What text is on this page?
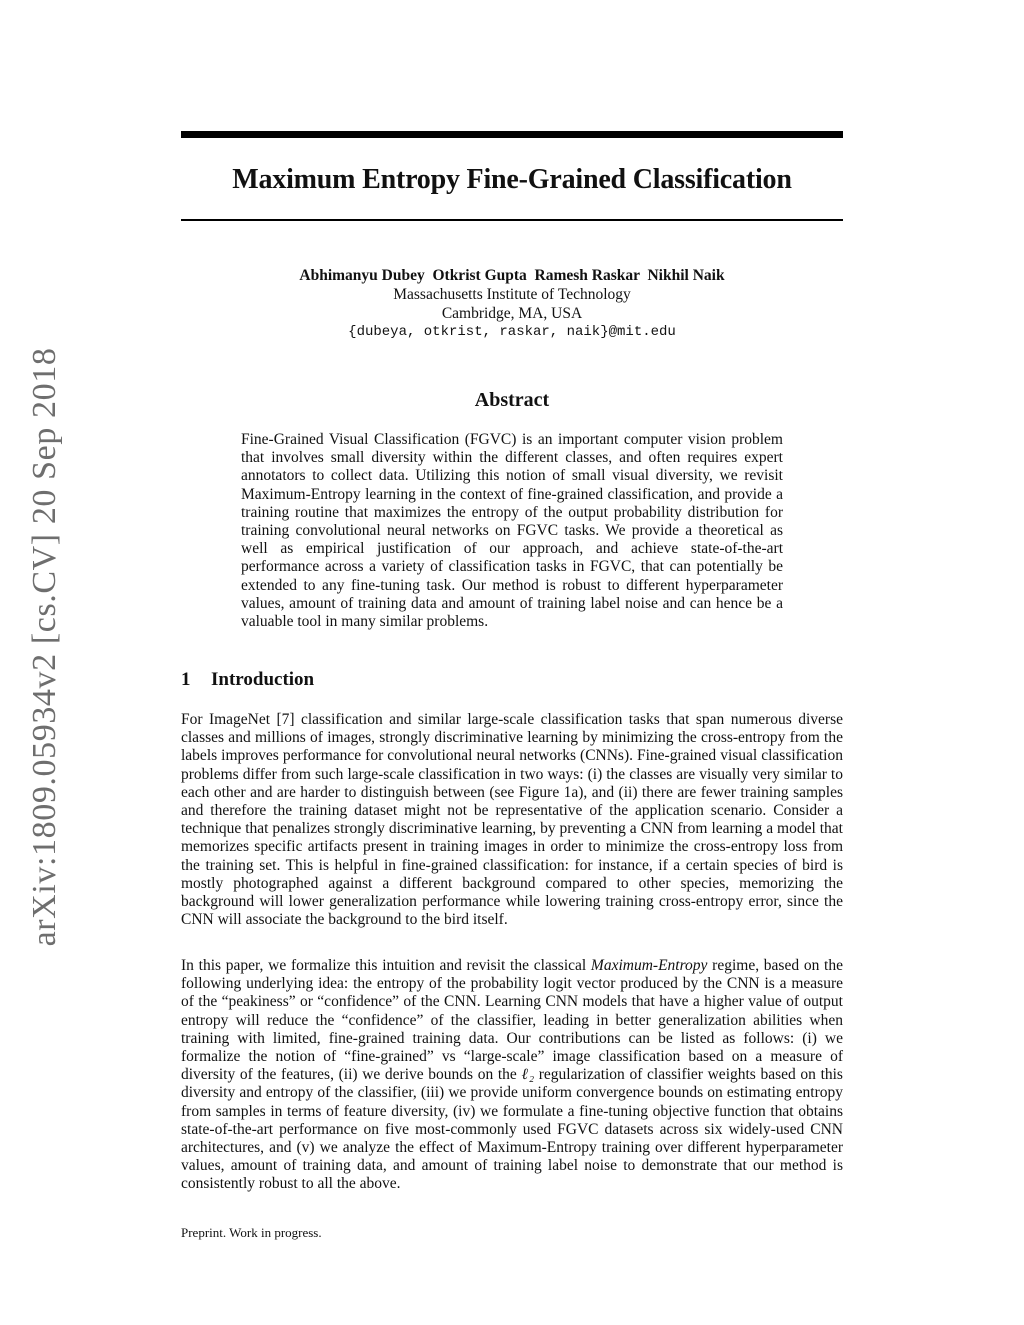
arXiv:1809.05934v2 [cs.CV] 20 Sep 2018
Maximum Entropy Fine-Grained Classification
Abhimanyu Dubey  Otkrist Gupta  Ramesh Raskar  Nikhil Naik
Massachusetts Institute of Technology
Cambridge, MA, USA
{dubeya, otkrist, raskar, naik}@mit.edu
Abstract
Fine-Grained Visual Classification (FGVC) is an important computer vision problem that involves small diversity within the different classes, and often requires expert annotators to collect data. Utilizing this notion of small visual diversity, we revisit Maximum-Entropy learning in the context of fine-grained classification, and provide a training routine that maximizes the entropy of the output probability distribution for training convolutional neural networks on FGVC tasks. We provide a theoretical as well as empirical justification of our approach, and achieve state-of-the-art performance across a variety of classification tasks in FGVC, that can potentially be extended to any fine-tuning task. Our method is robust to different hyperparameter values, amount of training data and amount of training label noise and can hence be a valuable tool in many similar problems.
1 Introduction

For ImageNet [7] classification and similar large-scale classification tasks that span numerous diverse classes and millions of images, strongly discriminative learning by minimizing the cross-entropy from the labels improves performance for convolutional neural networks (CNNs). Fine-grained visual classification problems differ from such large-scale classification in two ways: (i) the classes are visually very similar to each other and are harder to distinguish between (see Figure 1a), and (ii) there are fewer training samples and therefore the training dataset might not be representative of the application scenario. Consider a technique that penalizes strongly discriminative learning, by preventing a CNN from learning a model that memorizes specific artifacts present in training images in order to minimize the cross-entropy loss from the training set. This is helpful in fine-grained classification: for instance, if a certain species of bird is mostly photographed against a different background compared to other species, memorizing the background will lower generalization performance while lowering training cross-entropy error, since the CNN will associate the background to the bird itself.

In this paper, we formalize this intuition and revisit the classical Maximum-Entropy regime, based on the following underlying idea: the entropy of the probability logit vector produced by the CNN is a measure of the “peakiness” or “confidence” of the CNN. Learning CNN models that have a higher value of output entropy will reduce the “confidence” of the classifier, leading in better generalization abilities when training with limited, fine-grained training data. Our contributions can be listed as follows: (i) we formalize the notion of “fine-grained” vs “large-scale” image classification based on a measure of diversity of the features, (ii) we derive bounds on the ℓ₂ regularization of classifier weights based on this diversity and entropy of the classifier, (iii) we provide uniform convergence bounds on estimating entropy from samples in terms of feature diversity, (iv) we formulate a fine-tuning objective function that obtains state-of-the-art performance on five most-commonly used FGVC datasets across six widely-used CNN architectures, and (v) we analyze the effect of Maximum-Entropy training over different hyperparameter values, amount of training data, and amount of training label noise to demonstrate that our method is consistently robust to all the above.

Preprint. Work in progress.
